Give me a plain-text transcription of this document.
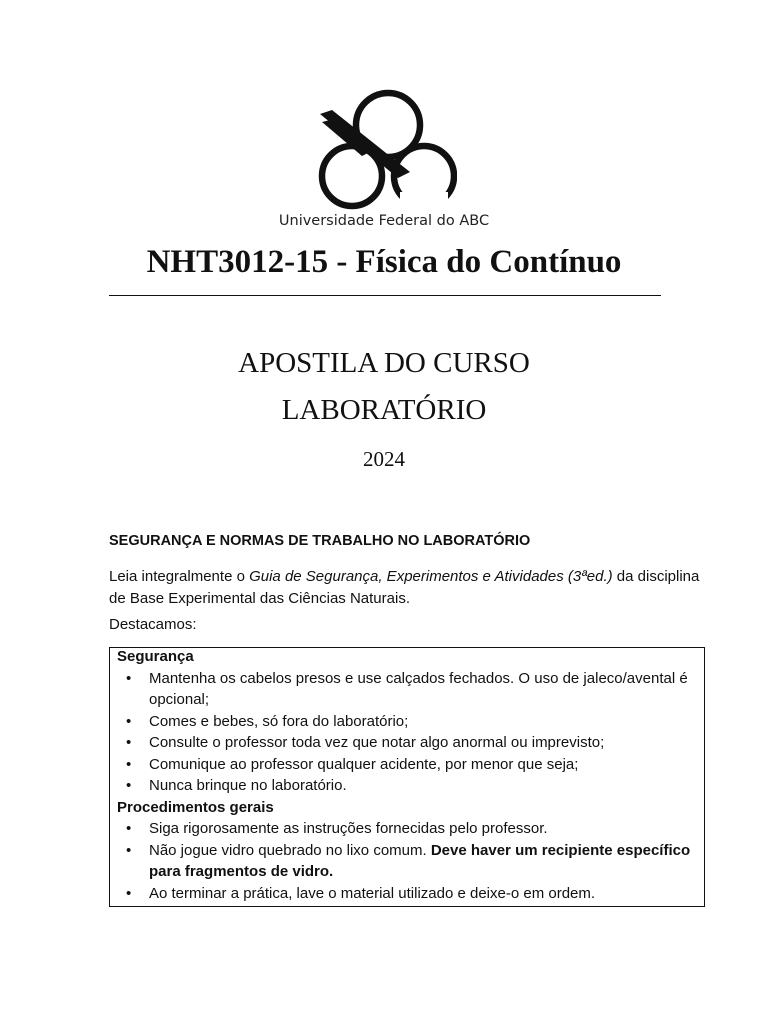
Universidade Federal do ABC
NHT3012-15 - Física do Contínuo
APOSTILA DO CURSO
LABORATÓRIO
2024
SEGURANÇA E NORMAS DE TRABALHO NO LABORATÓRIO
Leia integralmente o Guia de Segurança, Experimentos e Atividades (3ªed.) da disciplina de Base Experimental das Ciências Naturais.
Destacamos:

Segurança

• Mantenha os cabelos presos e use calçados fechados. O uso de jaleco/avental é opcional;
• Comes e bebes, só fora do laboratório;
• Consulte o professor toda vez que notar algo anormal ou imprevisto;
• Comunique ao professor qualquer acidente, por menor que seja;
• Nunca brinque no laboratório.

Procedimentos gerais

• Siga rigorosamente as instruções fornecidas pelo professor.
• Não jogue vidro quebrado no lixo comum. Deve haver um recipiente específico para fragmentos de vidro.
• Ao terminar a prática, lave o material utilizado e deixe-o em ordem.
